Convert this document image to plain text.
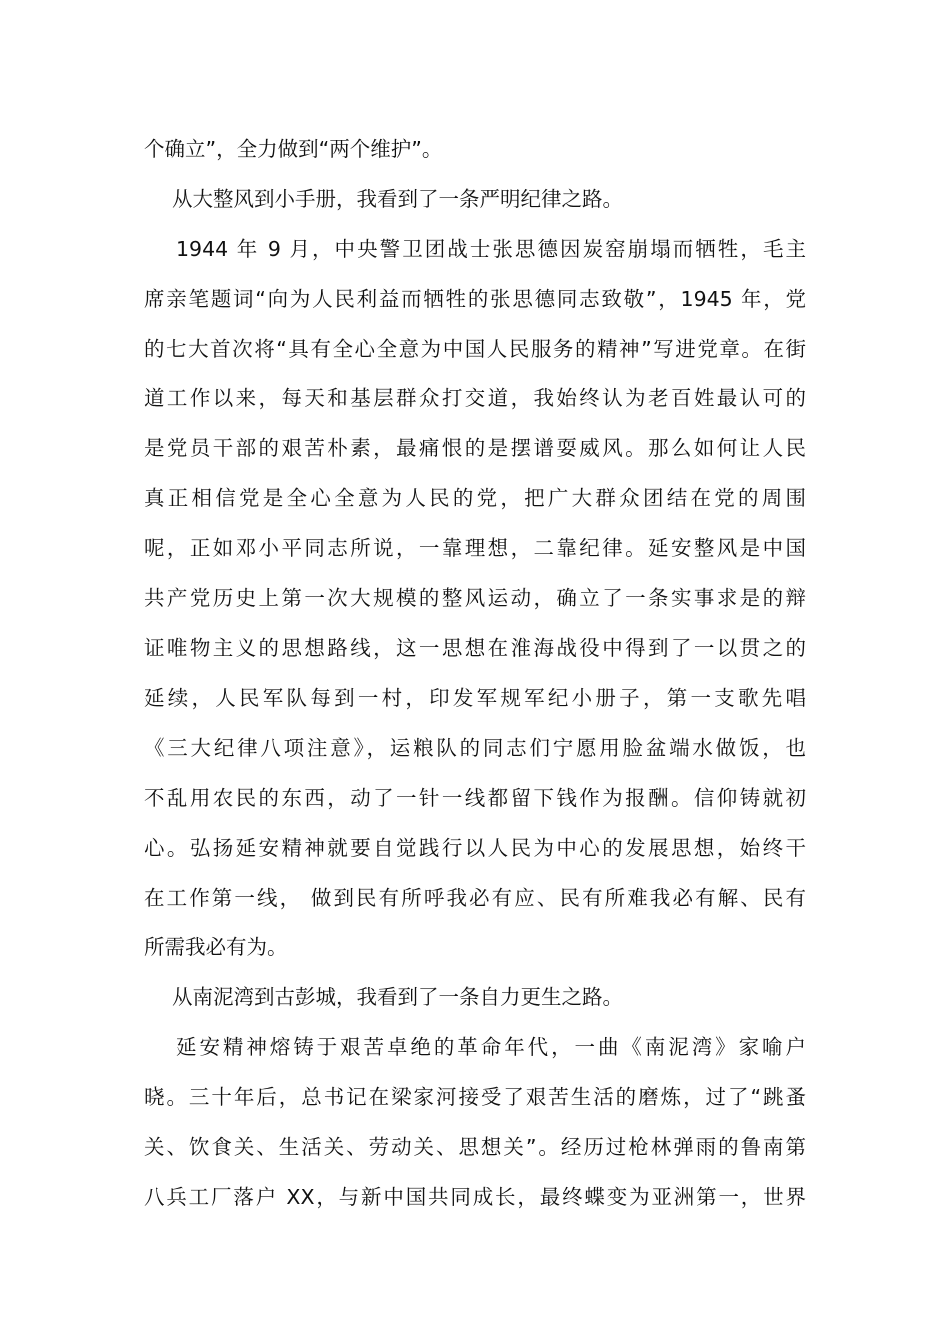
个确立”，全力做到“两个维护”。
从大整风到小手册，我看到了一条严明纪律之路。
1944 年 9 月，中央警卫团战士张思德因炭窑崩塌而牺牲，毛主
席亲笔题词“向为人民利益而牺牲的张思德同志致敬”，1945 年，党
的七大首次将“具有全心全意为中国人民服务的精神”写进党章。在街
道工作以来，每天和基层群众打交道，我始终认为老百姓最认可的
是党员干部的艰苦朴素，最痛恨的是摆谱耍威风。那么如何让人民
真正相信党是全心全意为人民的党，把广大群众团结在党的周围
呢，正如邓小平同志所说，一靠理想，二靠纪律。延安整风是中国
共产党历史上第一次大规模的整风运动，确立了一条实事求是的辩
证唯物主义的思想路线，这一思想在淮海战役中得到了一以贯之的
延续，人民军队每到一村，印发军规军纪小册子，第一支歌先唱
《三大纪律八项注意》，运粮队的同志们宁愿用脸盆端水做饭，也
不乱用农民的东西，动了一针一线都留下钱作为报酬。信仰铸就初
心。弘扬延安精神就要自觉践行以人民为中心的发展思想，始终干
在工作第一线， 做到民有所呼我必有应、民有所难我必有解、民有
所需我必有为。
从南泥湾到古彭城，我看到了一条自力更生之路。
延安精神熔铸于艰苦卓绝的革命年代，一曲《南泥湾》家喻户
晓。三十年后，总书记在梁家河接受了艰苦生活的磨炼，过了“跳蚤
关、饮食关、生活关、劳动关、思想关”。经历过枪林弹雨的鲁南第
八兵工厂落户 XX，与新中国共同成长，最终蝶变为亚洲第一，世界
